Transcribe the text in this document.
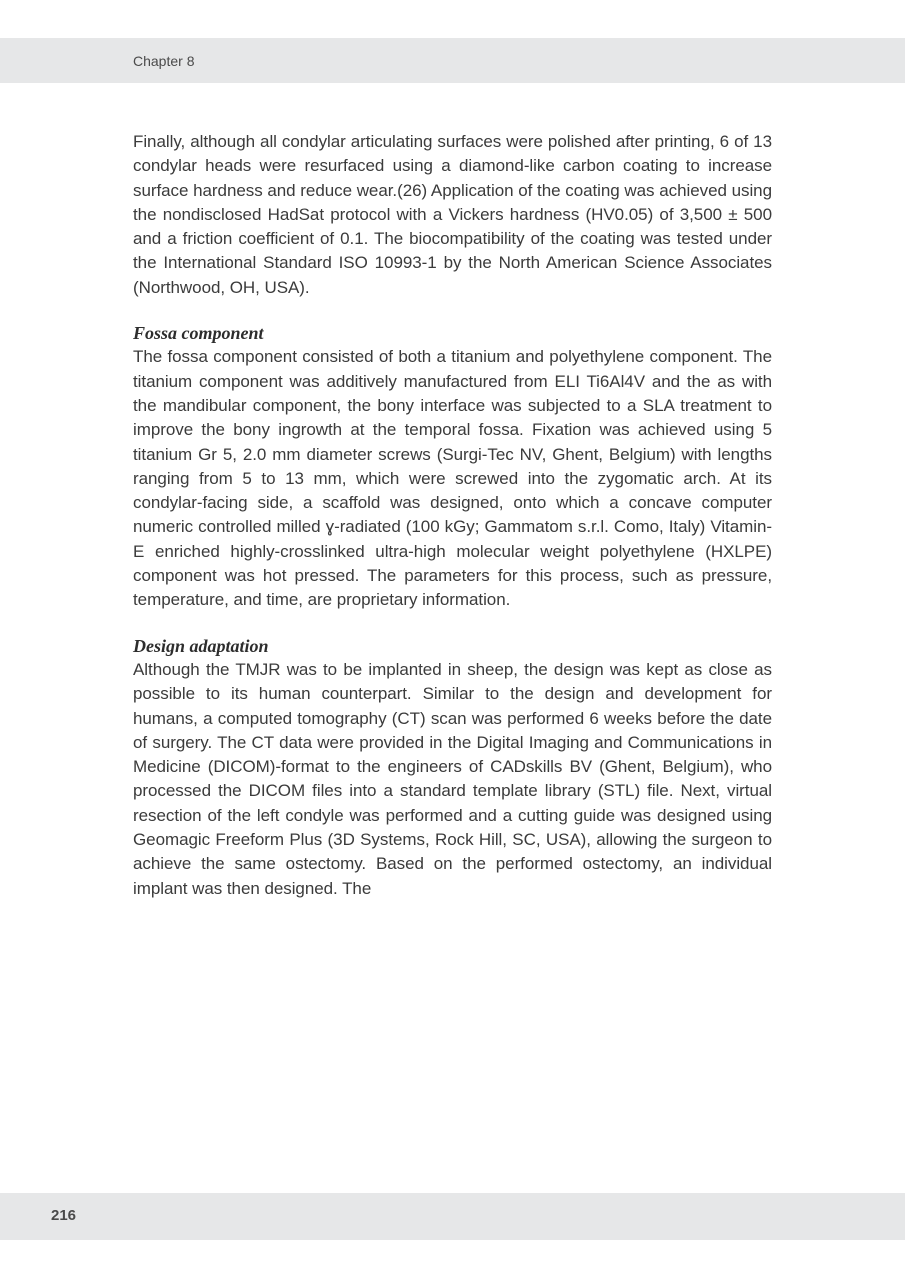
Chapter 8

Finally, although all condylar articulating surfaces were polished after printing, 6 of 13 condylar heads were resurfaced using a diamond-like carbon coating to increase surface hardness and reduce wear.(26) Application of the coating was achieved using the nondisclosed HadSat protocol with a Vickers hardness (HV0.05) of 3,500 ± 500 and a friction coefficient of 0.1. The biocompatibility of the coating was tested under the International Standard ISO 10993-1 by the North American Science Associates (Northwood, OH, USA).

Fossa component

The fossa component consisted of both a titanium and polyethylene component. The titanium component was additively manufactured from ELI Ti6Al4V and the as with the mandibular component, the bony interface was subjected to a SLA treatment to improve the bony ingrowth at the temporal fossa. Fixation was achieved using 5 titanium Gr 5, 2.0 mm diameter screws (Surgi-Tec NV, Ghent, Belgium) with lengths ranging from 5 to 13 mm, which were screwed into the zygomatic arch. At its condylar-facing side, a scaffold was designed, onto which a concave computer numeric controlled milled ɣ-radiated (100 kGy; Gammatom s.r.l. Como, Italy) Vitamin-E enriched highly-crosslinked ultra-high molecular weight polyethylene (HXLPE) component was hot pressed. The parameters for this process, such as pressure, temperature, and time, are proprietary information.

Design adaptation

Although the TMJR was to be implanted in sheep, the design was kept as close as possible to its human counterpart. Similar to the design and development for humans, a computed tomography (CT) scan was performed 6 weeks before the date of surgery. The CT data were provided in the Digital Imaging and Communications in Medicine (DICOM)-format to the engineers of CADskills BV (Ghent, Belgium), who processed the DICOM files into a standard template library (STL) file. Next, virtual resection of the left condyle was performed and a cutting guide was designed using Geomagic Freeform Plus (3D Systems, Rock Hill, SC, USA), allowing the surgeon to achieve the same ostectomy. Based on the performed ostectomy, an individual implant was then designed. The

216
